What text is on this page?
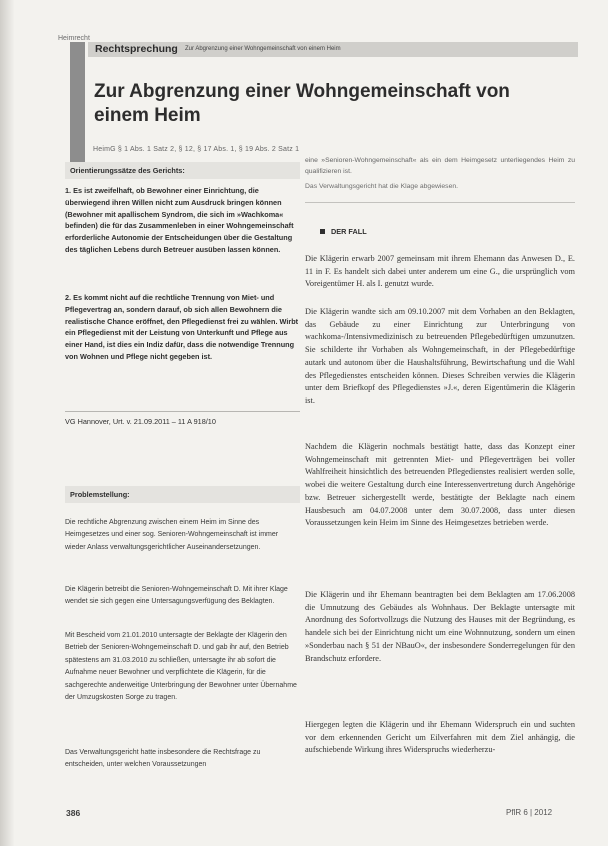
Heimrecht
Rechtsprechung Zur Abgrenzung einer Wohngemeinschaft von einem Heim
Zur Abgrenzung einer Wohngemeinschaft von einem Heim
HeimG § 1 Abs. 1 Satz 2, § 12, § 17 Abs. 1, § 19 Abs. 2 Satz 1
Orientierungssätze des Gerichts:
1. Es ist zweifelhaft, ob Bewohner einer Einrichtung, die überwiegend ihren Willen nicht zum Ausdruck bringen können (Bewohner mit apallischem Syndrom, die sich im »Wachkoma« befinden) die für das Zusammenleben in einer Wohngemeinschaft erforderliche Autonomie der Entscheidungen über die Gestaltung des täglichen Lebens durch Betreuer ausüben lassen können.
2. Es kommt nicht auf die rechtliche Trennung von Miet- und Pflegevertrag an, sondern darauf, ob sich allen Bewohnern die realistische Chance eröffnet, den Pflegedienst frei zu wählen. Wirbt ein Pflegedienst mit der Leistung von Unterkunft und Pflege aus einer Hand, ist dies ein Indiz dafür, dass die notwendige Trennung von Wohnen und Pflege nicht gegeben ist.
VG Hannover, Urt. v. 21.09.2011 – 11 A 918/10
Problemstellung:
Die rechtliche Abgrenzung zwischen einem Heim im Sinne des Heimgesetzes und einer sog. Senioren-Wohngemeinschaft ist immer wieder Anlass verwaltungsgerichtlicher Auseinandersetzungen.
Die Klägerin betreibt die Senioren-Wohngemeinschaft D. Mit ihrer Klage wendet sie sich gegen eine Untersagungsverfügung des Beklagten.
Mit Bescheid vom 21.01.2010 untersagte der Beklagte der Klägerin den Betrieb der Senioren-Wohngemeinschaft D. und gab ihr auf, den Betrieb spätestens am 31.03.2010 zu schließen, untersagte ihr ab sofort die Aufnahme neuer Bewohner und verpflichtete die Klägerin, für die sachgerechte anderweitige Unterbringung der Bewohner unter Übernahme der Umzugskosten Sorge zu tragen.
Das Verwaltungsgericht hatte insbesondere die Rechtsfrage zu entscheiden, unter welchen Voraussetzungen
eine »Senioren-Wohngemeinschaft« als ein dem Heimgesetz unterliegendes Heim zu qualifizieren ist.
Das Verwaltungsgericht hat die Klage abgewiesen.
DER FALL
Die Klägerin erwarb 2007 gemeinsam mit ihrem Ehemann das Anwesen D., E. 11 in F. Es handelt sich dabei unter anderem um eine G., die ursprünglich vom Voreigentümer H. als I. genutzt wurde.
Die Klägerin wandte sich am 09.10.2007 mit dem Vorhaben an den Beklagten, das Gebäude zu einer Einrichtung zur Unterbringung von wachkoma-/Intensivmedizinisch zu betreuenden Pflegebedürftigen umzunutzen. Sie schilderte ihr Vorhaben als Wohngemeinschaft, in der Pflegebedürftige autark und autonom über die Haushaltsführung, Bewirtschaftung und die Wahl des Pflegedienstes entscheiden können. Dieses Schreiben verwies die Klägerin unter dem Briefkopf des Pflegedienstes »J.«, deren Eigentümerin die Klägerin ist.
Nachdem die Klägerin nochmals bestätigt hatte, dass das Konzept einer Wohngemeinschaft mit getrennten Miet- und Pflegeverträgen bei voller Wahlfreiheit hinsichtlich des betreuenden Pflegedienstes realisiert werden solle, wobei die weitere Gestaltung durch eine Interessenvertretung durch Angehörige bzw. Betreuer sichergestellt werde, bestätigte der Beklagte nach einem Hausbesuch am 04.07.2008 unter dem 30.07.2008, dass unter diesen Voraussetzungen kein Heim im Sinne des Heimgesetzes betrieben werde.
Die Klägerin und ihr Ehemann beantragten bei dem Beklagten am 17.06.2008 die Umnutzung des Gebäudes als Wohnhaus. Der Beklagte untersagte mit Anordnung des Sofortvollzugs die Nutzung des Hauses mit der Begründung, es handele sich bei der Einrichtung nicht um eine Wohnnutzung, sondern um einen »Sonderbau nach § 51 der NBauO«, der insbesondere Sonderregelungen für den Brandschutz erfordere.
Hiergegen legten die Klägerin und ihr Ehemann Widerspruch ein und suchten vor dem erkennenden Gericht um Eilverfahren mit dem Ziel anhängig, die aufschiebende Wirkung ihres Widerspruchs wiederherzu-
386	PflR 6 | 2012
